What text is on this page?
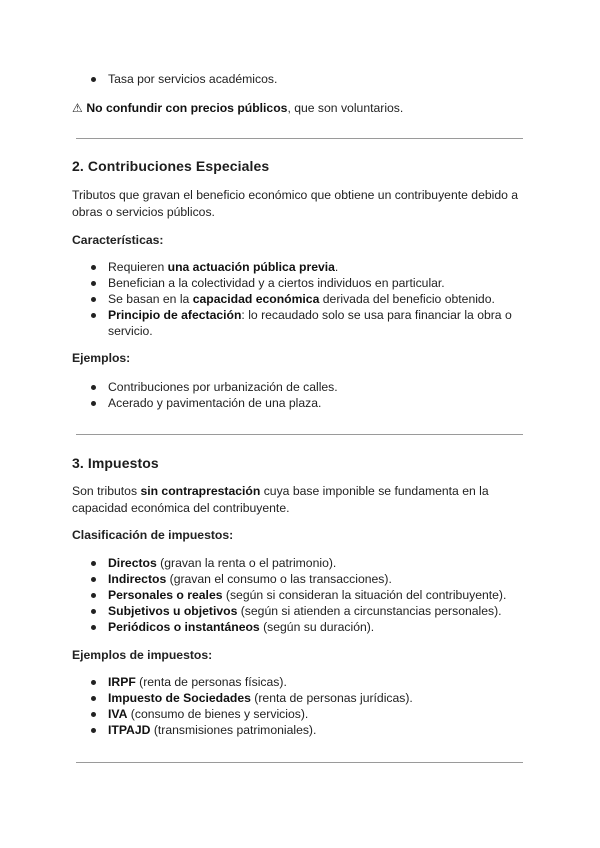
Tasa por servicios académicos.
⚠ No confundir con precios públicos, que son voluntarios.
2. Contribuciones Especiales
Tributos que gravan el beneficio económico que obtiene un contribuyente debido a obras o servicios públicos.
Características:
Requieren una actuación pública previa.
Benefician a la colectividad y a ciertos individuos en particular.
Se basan en la capacidad económica derivada del beneficio obtenido.
Principio de afectación: lo recaudado solo se usa para financiar la obra o servicio.
Ejemplos:
Contribuciones por urbanización de calles.
Acerado y pavimentación de una plaza.
3. Impuestos
Son tributos sin contraprestación cuya base imponible se fundamenta en la capacidad económica del contribuyente.
Clasificación de impuestos:
Directos (gravan la renta o el patrimonio).
Indirectos (gravan el consumo o las transacciones).
Personales o reales (según si consideran la situación del contribuyente).
Subjetivos u objetivos (según si atienden a circunstancias personales).
Periódicos o instantáneos (según su duración).
Ejemplos de impuestos:
IRPF (renta de personas físicas).
Impuesto de Sociedades (renta de personas jurídicas).
IVA (consumo de bienes y servicios).
ITPAJD (transmisiones patrimoniales).
